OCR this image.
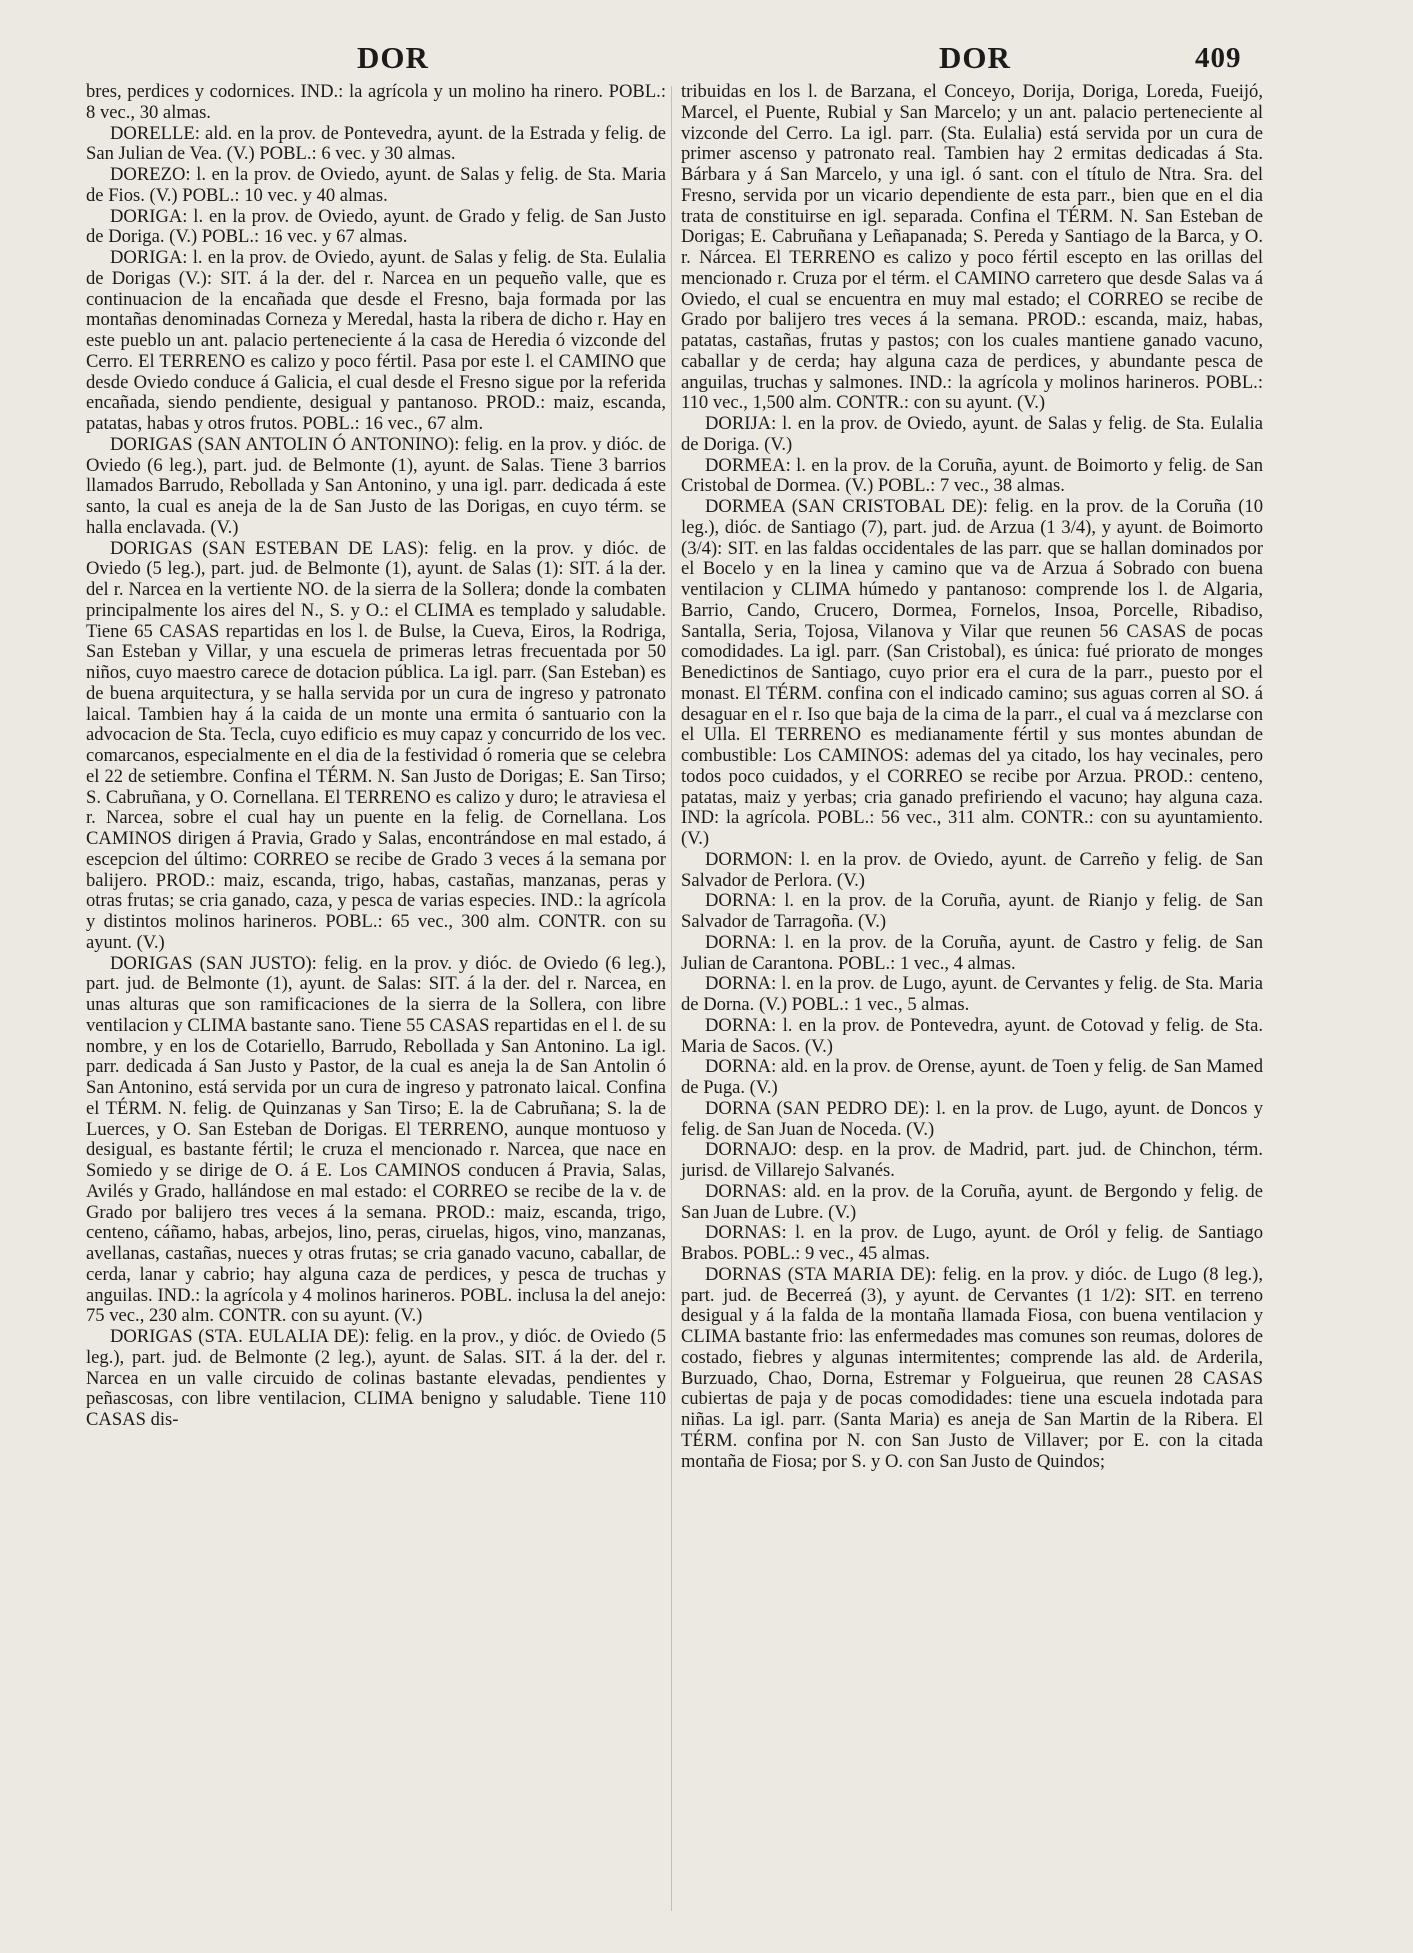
DOR	DOR	409

bres, perdices y codornices. IND.: la agrícola y un molino ha rinero. POBL.: 8 vec., 30 almas.

DORELLE: ald. en la prov. de Pontevedra, ayunt. de la Estrada y felig. de San Julian de Vea. (V.) POBL.: 6 vec. y 30 almas.

DOREZO: l. en la prov. de Oviedo, ayunt. de Salas y felig. de Sta. Maria de Fios. (V.) POBL.: 10 vec. y 40 almas.

DORIGA: l. en la prov. de Oviedo, ayunt. de Grado y felig. de San Justo de Doriga. (V.) POBL.: 16 vec. y 67 almas.

DORIGA: l. en la prov. de Oviedo, ayunt. de Salas y felig. de Sta. Eulalia de Dorigas (V.): SIT. á la der. del r. Narcea en un pequeño valle, que es continuacion de la encañada que desde el Fresno, baja formada por las montañas denominadas Corneza y Meredal, hasta la ribera de dicho r. Hay en este pueblo un ant. palacio perteneciente á la casa de Heredia ó vizconde del Cerro. El TERRENO es calizo y poco fértil. Pasa por este l. el CAMINO que desde Oviedo conduce á Galicia, el cual desde el Fresno sigue por la referida encañada, siendo pendiente, desigual y pantanoso. PROD.: maiz, escanda, patatas, habas y otros frutos. POBL.: 16 vec., 67 alm.

DORIGAS (SAN ANTOLIN Ó ANTONINO): felig. en la prov. y dióc. de Oviedo (6 leg.), part. jud. de Belmonte (1), ayunt. de Salas. Tiene 3 barrios llamados Barrudo, Rebollada y San Antonino, y una igl. parr. dedicada á este santo, la cual es aneja de la de San Justo de las Dorigas, en cuyo térm. se halla enclavada. (V.)

DORIGAS (SAN ESTEBAN DE LAS): felig. en la prov. y dióc. de Oviedo (5 leg.), part. jud. de Belmonte (1), ayunt. de Salas (1): SIT. á la der. del r. Narcea en la vertiente NO. de la sierra de la Sollera; donde la combaten principalmente los aires del N., S. y O.: el CLIMA es templado y saludable. Tiene 65 CASAS repartidas en los l. de Bulse, la Cueva, Eiros, la Rodriga, San Esteban y Villar, y una escuela de primeras letras frecuentada por 50 niños, cuyo maestro carece de dotacion pública. La igl. parr. (San Esteban) es de buena arquitectura, y se halla servida por un cura de ingreso y patronato laical. Tambien hay á la caida de un monte una ermita ó santuario con la advocacion de Sta. Tecla, cuyo edificio es muy capaz y concurrido de los vec. comarcanos, especialmente en el dia de la festividad ó romeria que se celebra el 22 de setiembre. Confina el TÉRM. N. San Justo de Dorigas; E. San Tirso; S. Cabruñana, y O. Cornellana. El TERRENO es calizo y duro; le atraviesa el r. Narcea, sobre el cual hay un puente en la felig. de Cornellana. Los CAMINOS dirigen á Pravia, Grado y Salas, encontrándose en mal estado, á escepcion del último: CORREO se recibe de Grado 3 veces á la semana por balijero. PROD.: maiz, escanda, trigo, habas, castañas, manzanas, peras y otras frutas; se cria ganado, caza, y pesca de varias especies. IND.: la agrícola y distintos molinos harineros. POBL.: 65 vec., 300 alm. CONTR. con su ayunt. (V.)

DORIGAS (SAN JUSTO): felig. en la prov. y dióc. de Oviedo (6 leg.), part. jud. de Belmonte (1), ayunt. de Salas: SIT. á la der. del r. Narcea, en unas alturas que son ramificaciones de la sierra de la Sollera, con libre ventilacion y CLIMA bastante sano. Tiene 55 CASAS repartidas en el l. de su nombre, y en los de Cotariello, Barrudo, Rebollada y San Antonino. La igl. parr. dedicada á San Justo y Pastor, de la cual es aneja la de San Antolin ó San Antonino, está servida por un cura de ingreso y patronato laical. Confina el TÉRM. N. felig. de Quinzanas y San Tirso; E. la de Cabruñana; S. la de Luerces, y O. San Esteban de Dorigas. El TERRENO, aunque montuoso y desigual, es bastante fértil; le cruza el mencionado r. Narcea, que nace en Somiedo y se dirige de O. á E. Los CAMINOS conducen á Pravia, Salas, Avilés y Grado, hallándose en mal estado: el CORREO se recibe de la v. de Grado por balijero tres veces á la semana. PROD.: maiz, escanda, trigo, centeno, cáñamo, habas, arbejos, lino, peras, ciruelas, higos, vino, manzanas, avellanas, castañas, nueces y otras frutas; se cria ganado vacuno, caballar, de cerda, lanar y cabrio; hay alguna caza de perdices, y pesca de truchas y anguilas. IND.: la agrícola y 4 molinos harineros. POBL. inclusa la del anejo: 75 vec., 230 alm. CONTR. con su ayunt. (V.)

DORIGAS (STA. EULALIA DE): felig. en la prov., y dióc. de Oviedo (5 leg.), part. jud. de Belmonte (2 leg.), ayunt. de Salas. SIT. á la der. del r. Narcea en un valle circuido de colinas bastante elevadas, pendientes y peñascosas, con libre ventilacion, CLIMA benigno y saludable. Tiene 110 CASAS dis-

tribuidas en los l. de Barzana, el Conceyo, Dorija, Doriga, Loreda, Fueijó, Marcel, el Puente, Rubial y San Marcelo; y un ant. palacio perteneciente al vizconde del Cerro. La igl. parr. (Sta. Eulalia) está servida por un cura de primer ascenso y patronato real. Tambien hay 2 ermitas dedicadas á Sta. Bárbara y á San Marcelo, y una igl. ó sant. con el título de Ntra. Sra. del Fresno, servida por un vicario dependiente de esta parr., bien que en el dia trata de constituirse en igl. separada. Confina el TÉRM. N. San Esteban de Dorigas; E. Cabruñana y Leñapanada; S. Pereda y Santiago de la Barca, y O. r. Nárcea. El TERRENO es calizo y poco fértil escepto en las orillas del mencionado r. Cruza por el térm. el CAMINO carretero que desde Salas va á Oviedo, el cual se encuentra en muy mal estado; el CORREO se recibe de Grado por balijero tres veces á la semana. PROD.: escanda, maiz, habas, patatas, castañas, frutas y pastos; con los cuales mantiene ganado vacuno, caballar y de cerda; hay alguna caza de perdices, y abundante pesca de anguilas, truchas y salmones. IND.: la agrícola y molinos harineros. POBL.: 110 vec., 1,500 alm. CONTR.: con su ayunt. (V.)

DORIJA: l. en la prov. de Oviedo, ayunt. de Salas y felig. de Sta. Eulalia de Doriga. (V.)

DORMEA: l. en la prov. de la Coruña, ayunt. de Boimorto y felig. de San Cristobal de Dormea. (V.) POBL.: 7 vec., 38 almas.

DORMEA (SAN CRISTOBAL DE): felig. en la prov. de la Coruña (10 leg.), dióc. de Santiago (7), part. jud. de Arzua (1 3/4), y ayunt. de Boimorto (3/4): SIT. en las faldas occidentales de las parr. que se hallan dominados por el Bocelo y en la linea y camino que va de Arzua á Sobrado con buena ventilacion y CLIMA húmedo y pantanoso: comprende los l. de Algaria, Barrio, Cando, Crucero, Dormea, Fornelos, Insoa, Porcelle, Ribadiso, Santalla, Seria, Tojosa, Vilanova y Vilar que reunen 56 CASAS de pocas comodidades. La igl. parr. (San Cristobal), es única: fué priorato de monges Benedictinos de Santiago, cuyo prior era el cura de la parr., puesto por el monast. El TÉRM. confina con el indicado camino; sus aguas corren al SO. á desaguar en el r. Iso que baja de la cima de la parr., el cual va á mezclarse con el Ulla. El TERRENO es medianamente fértil y sus montes abundan de combustible: Los CAMINOS: ademas del ya citado, los hay vecinales, pero todos poco cuidados, y el CORREO se recibe por Arzua. PROD.: centeno, patatas, maiz y yerbas; cria ganado prefiriendo el vacuno; hay alguna caza. IND: la agrícola. POBL.: 56 vec., 311 alm. CONTR.: con su ayuntamiento. (V.)

DORMON: l. en la prov. de Oviedo, ayunt. de Carreño y felig. de San Salvador de Perlora. (V.)

DORNA: l. en la prov. de la Coruña, ayunt. de Rianjo y felig. de San Salvador de Tarragoña. (V.)

DORNA: l. en la prov. de la Coruña, ayunt. de Castro y felig. de San Julian de Carantona. POBL.: 1 vec., 4 almas.

DORNA: l. en la prov. de Lugo, ayunt. de Cervantes y felig. de Sta. Maria de Dorna. (V.) POBL.: 1 vec., 5 almas.

DORNA: l. en la prov. de Pontevedra, ayunt. de Cotovad y felig. de Sta. Maria de Sacos. (V.)

DORNA: ald. en la prov. de Orense, ayunt. de Toen y felig. de San Mamed de Puga. (V.)

DORNA (SAN PEDRO DE): l. en la prov. de Lugo, ayunt. de Doncos y felig. de San Juan de Noceda. (V.)

DORNAJO: desp. en la prov. de Madrid, part. jud. de Chinchon, térm. jurisd. de Villarejo Salvanés.

DORNAS: ald. en la prov. de la Coruña, ayunt. de Bergondo y felig. de San Juan de Lubre. (V.)

DORNAS: l. en la prov. de Lugo, ayunt. de Oról y felig. de Santiago Brabos. POBL.: 9 vec., 45 almas.

DORNAS (STA MARIA DE): felig. en la prov. y dióc. de Lugo (8 leg.), part. jud. de Becerreá (3), y ayunt. de Cervantes (1 1/2): SIT. en terreno desigual y á la falda de la montaña llamada Fiosa, con buena ventilacion y CLIMA bastante frio: las enfermedades mas comunes son reumas, dolores de costado, fiebres y algunas intermitentes; comprende las ald. de Arderila, Burzuado, Chao, Dorna, Estremar y Folgueirua, que reunen 28 CASAS cubiertas de paja y de pocas comodidades: tiene una escuela indotada para niñas. La igl. parr. (Santa Maria) es aneja de San Martin de la Ribera. El TÉRM. confina por N. con San Justo de Villaver; por E. con la citada montaña de Fiosa; por S. y O. con San Justo de Quindos;
